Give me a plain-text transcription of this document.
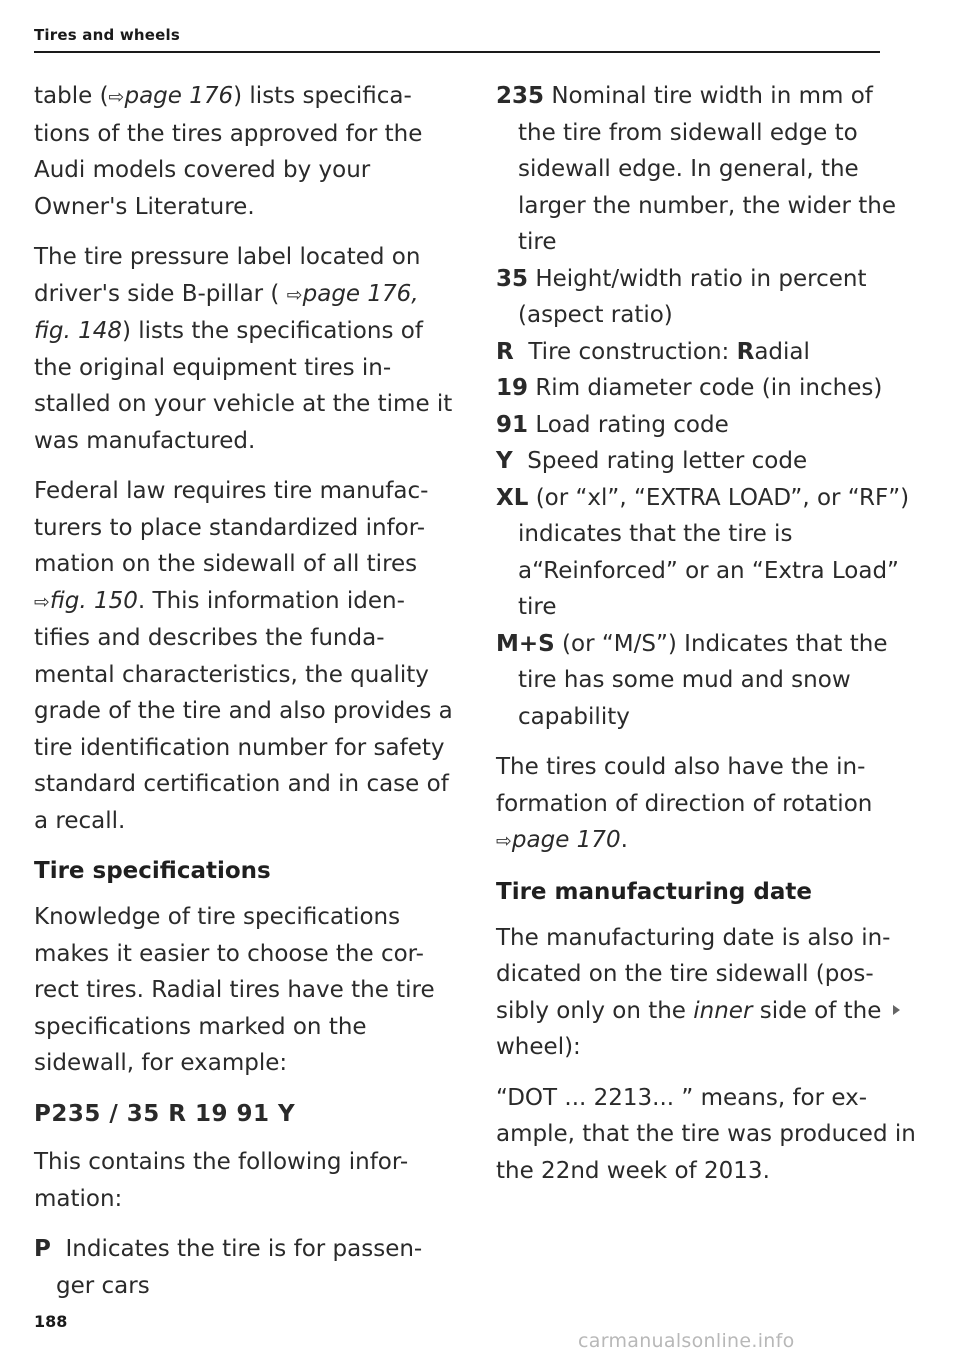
Tires and wheels

table (⇨page 176) lists specifica-tions of the tires approved for the Audi models covered by your Owner's Literature.

The tire pressure label located on driver's side B-pillar ( ⇨page 176, fig. 148) lists the specifications of the original equipment tires in-stalled on your vehicle at the time it was manufactured.

Federal law requires tire manufac-turers to place standardized infor-mation on the sidewall of all tires ⇨fig. 150. This information iden-tifies and describes the funda-mental characteristics, the quality grade of the tire and also provides a tire identification number for safety standard certification and in case of a recall.

Tire specifications

Knowledge of tire specifications makes it easier to choose the cor-rect tires. Radial tires have the tire specifications marked on the sidewall, for example:

P235 / 35 R 19 91 Y

This contains the following infor-mation:

P Indicates the tire is for passen-ger cars
235 Nominal tire width in mm of the tire from sidewall edge to sidewall edge. In general, the larger the number, the wider the tire
35 Height/width ratio in percent (aspect ratio)
R Tire construction: Radial
19 Rim diameter code (in inches)
91 Load rating code
Y Speed rating letter code
XL (or “xl”, “EXTRA LOAD”, or “RF”) indicates that the tire is a“Reinforced” or an “Extra Load” tire
M+S (or “M/S”) Indicates that the tire has some mud and snow capability

The tires could also have the in-formation of direction of rotation ⇨page 170.

Tire manufacturing date

The manufacturing date is also in-dicated on the tire sidewall (pos-sibly only on the inner side of the wheel):

“DOT ... 2213... ” means, for ex-ample, that the tire was produced in the 22nd week of 2013.

188
carmanualsonline.info
